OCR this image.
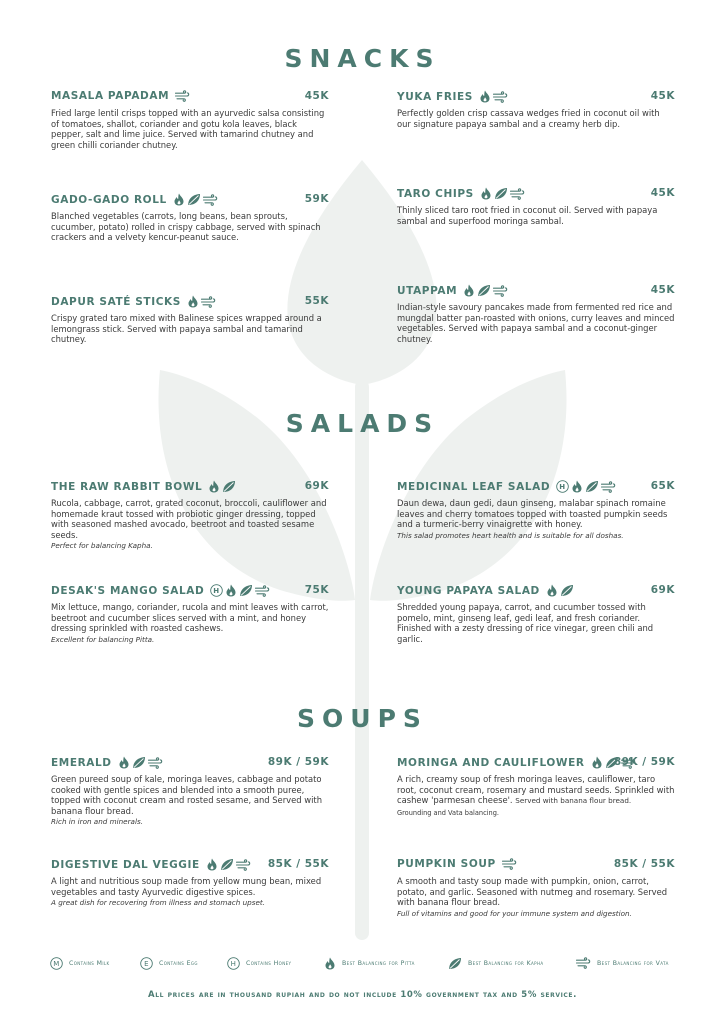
SNACKS
MASALA PAPADAM	45K
Fried large lentil crisps topped with an ayurvedic salsa consisting of tomatoes, shallot, coriander and gotu kola leaves, black pepper, salt and lime juice. Served with tamarind chutney and green chilli coriander chutney.
GADO-GADO ROLL	59K
Blanched vegetables (carrots, long beans, bean sprouts, cucumber, potato) rolled in crispy cabbage, served with spinach crackers and a velvety kencur-peanut sauce.
DAPUR SATÉ STICKS	55K
Crispy grated taro mixed with Balinese spices wrapped around a lemongrass stick. Served with papaya sambal and tamarind chutney.
YUKA FRIES	45K
Perfectly golden crisp cassava wedges fried in coconut oil with our signature papaya sambal and a creamy herb dip.
TARO CHIPS	45K
Thinly sliced taro root fried in coconut oil. Served with papaya sambal and superfood moringa sambal.
UTAPPAM	45K
Indian-style savoury pancakes made from fermented red rice and mungdal batter pan-roasted with onions, curry leaves and minced vegetables. Served with papaya sambal and a coconut-ginger chutney.
SALADS
THE RAW RABBIT BOWL	69K
Rucola, cabbage, carrot, grated coconut, broccoli, cauliflower and homemade kraut tossed with probiotic ginger dressing, topped with seasoned mashed avocado, beetroot and toasted sesame seeds.
Perfect for balancing Kapha.
DESAK'S MANGO SALAD H	75K
Mix lettuce, mango, coriander, rucola and mint leaves with carrot, beetroot and cucumber slices served with a mint, and honey dressing sprinkled with roasted cashews.
Excellent for balancing Pitta.
MEDICINAL LEAF SALAD H	65K
Daun dewa, daun gedi, daun ginseng, malabar spinach romaine leaves and cherry tomatoes topped with toasted pumpkin seeds and a turmeric-berry vinaigrette with honey.
This salad promotes heart health and is suitable for all doshas.
YOUNG PAPAYA SALAD	69K
Shredded young papaya, carrot, and cucumber tossed with pomelo, mint, ginseng leaf, gedi leaf, and fresh coriander. Finished with a zesty dressing of rice vinegar, green chili and garlic.
SOUPS
EMERALD	89K / 59K
Green pureed soup of kale, moringa leaves, cabbage and potato cooked with gentle spices and blended into a smooth puree, topped with coconut cream and rosted sesame, and Served with banana flour bread.
Rich in iron and minerals.
DIGESTIVE DAL VEGGIE	85K / 55K
A light and nutritious soup made from yellow mung bean, mixed vegetables and tasty Ayurvedic digestive spices.
A great dish for recovering from illness and stomach upset.
MORINGA AND CAULIFLOWER	89K / 59K
A rich, creamy soup of fresh moringa leaves, cauliflower, taro root, coconut cream, rosemary and mustard seeds. Sprinkled with cashew 'parmesan cheese'. Served with banana flour bread.
Grounding and Vata balancing.
PUMPKIN SOUP	85K / 55K
A smooth and tasty soup made with pumpkin, onion, carrot, potato, and garlic. Seasoned with nutmeg and rosemary. Served with banana flour bread.
Full of vitamins and good for your immune system and digestion.
M Contains Milk	E Contains Egg	H Contains Honey	Best Balancing for Pitta	Best Balancing for Kapha	Best Balancing for Vata
All prices are in thousand rupiah and do not include 10% government tax and 5% service.
